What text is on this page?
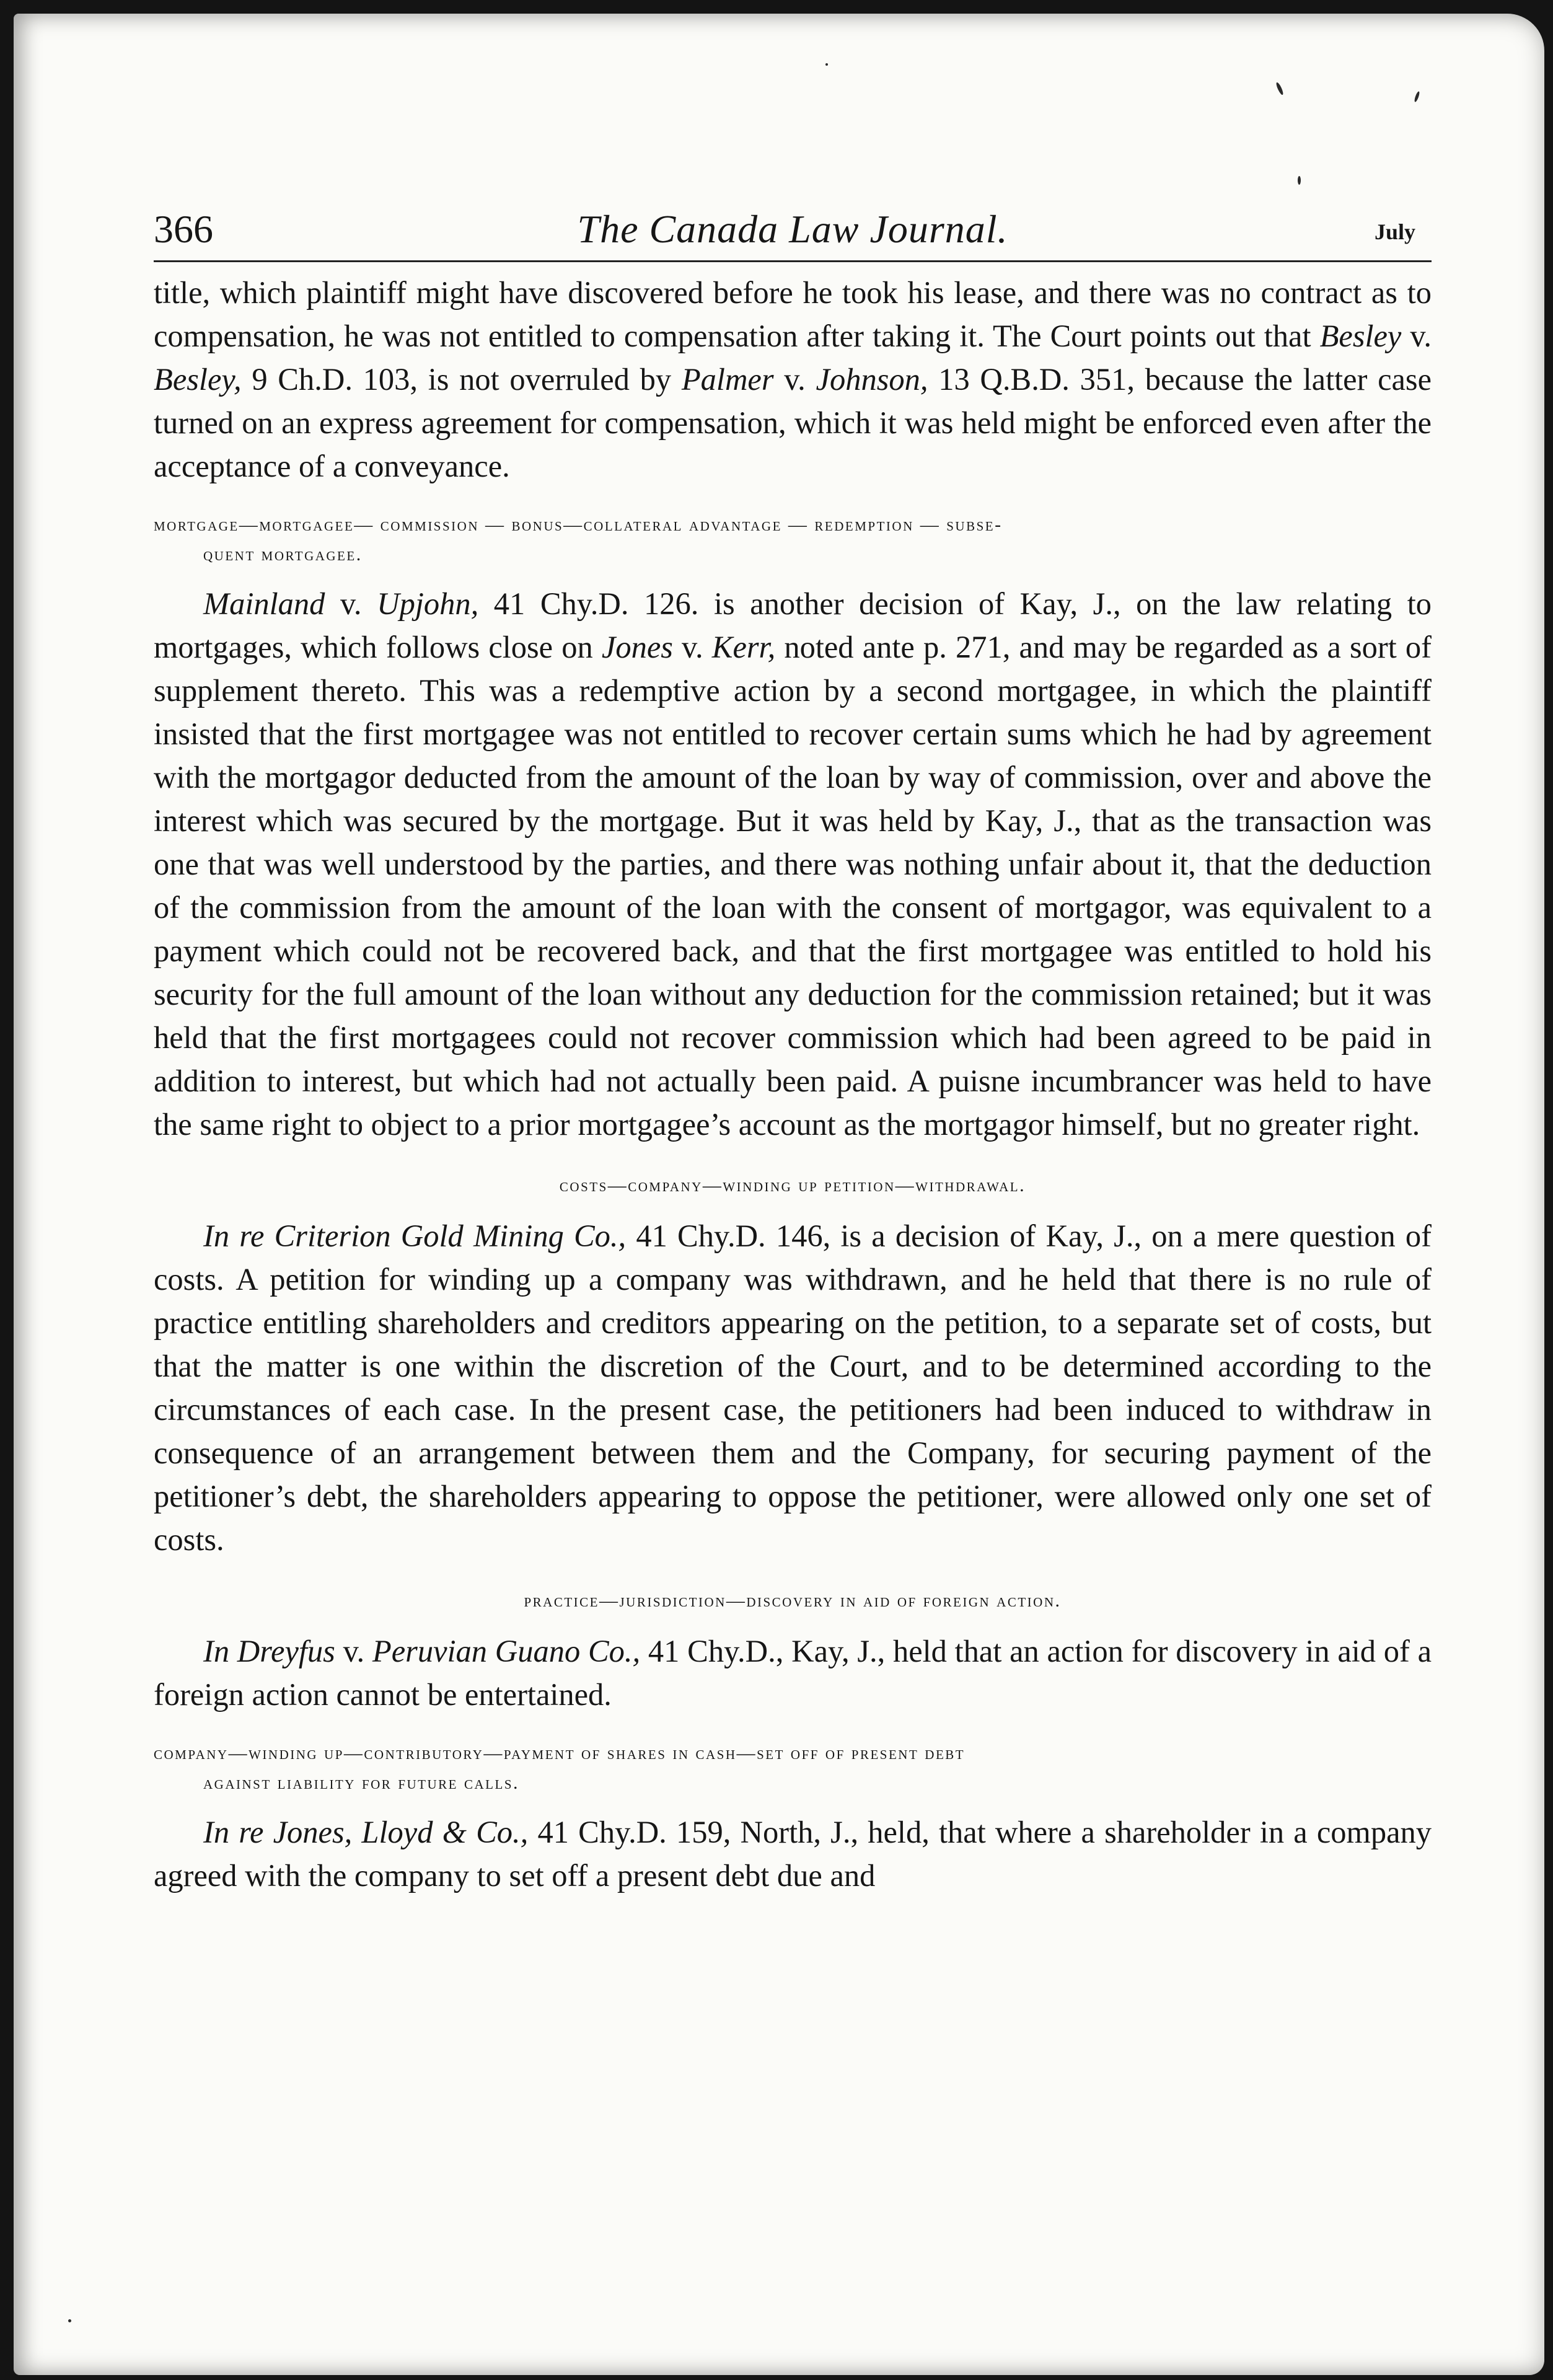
366	The Canada Law Journal.	July

title, which plaintiff might have discovered before he took his lease, and there was no contract as to compensation, he was not entitled to compensation after taking it. The Court points out that Besley v. Besley, 9 Ch.D. 103, is not overruled by Palmer v. Johnson, 13 Q.B.D. 351, because the latter case turned on an express agreement for compensation, which it was held might be enforced even after the acceptance of a conveyance.

mortgage—mortgagee— commission — bonus—collateral advantage — redemption — subse-
quent mortgagee.

Mainland v. Upjohn, 41 Chy.D. 126. is another decision of Kay, J., on the law relating to mortgages, which follows close on Jones v. Kerr, noted ante p. 271, and may be regarded as a sort of supplement thereto. This was a redemptive action by a second mortgagee, in which the plaintiff insisted that the first mortgagee was not entitled to recover certain sums which he had by agreement with the mortgagor deducted from the amount of the loan by way of commission, over and above the interest which was secured by the mortgage. But it was held by Kay, J., that as the transaction was one that was well understood by the parties, and there was nothing unfair about it, that the deduction of the commission from the amount of the loan with the consent of mortgagor, was equivalent to a payment which could not be recovered back, and that the first mortgagee was entitled to hold his security for the full amount of the loan without any deduction for the commission retained; but it was held that the first mortgagees could not recover commission which had been agreed to be paid in addition to interest, but which had not actually been paid. A puisne incumbrancer was held to have the same right to object to a prior mortgagee’s account as the mortgagor himself, but no greater right.

costs—company—winding up petition—withdrawal.

In re Criterion Gold Mining Co., 41 Chy.D. 146, is a decision of Kay, J., on a mere question of costs. A petition for winding up a company was withdrawn, and he held that there is no rule of practice entitling shareholders and creditors appearing on the petition, to a separate set of costs, but that the matter is one within the discretion of the Court, and to be determined according to the circumstances of each case. In the present case, the petitioners had been induced to withdraw in consequence of an arrangement between them and the Company, for securing payment of the petitioner’s debt, the shareholders appearing to oppose the petitioner, were allowed only one set of costs.

practice—jurisdiction—discovery in aid of foreign action.

In Dreyfus v. Peruvian Guano Co., 41 Chy.D., Kay, J., held that an action for discovery in aid of a foreign action cannot be entertained.

company—winding up—contributory—payment of shares in cash—set off of present debt
against liability for future calls.

In re Jones, Lloyd & Co., 41 Chy.D. 159, North, J., held, that where a shareholder in a company agreed with the company to set off a present debt due and
